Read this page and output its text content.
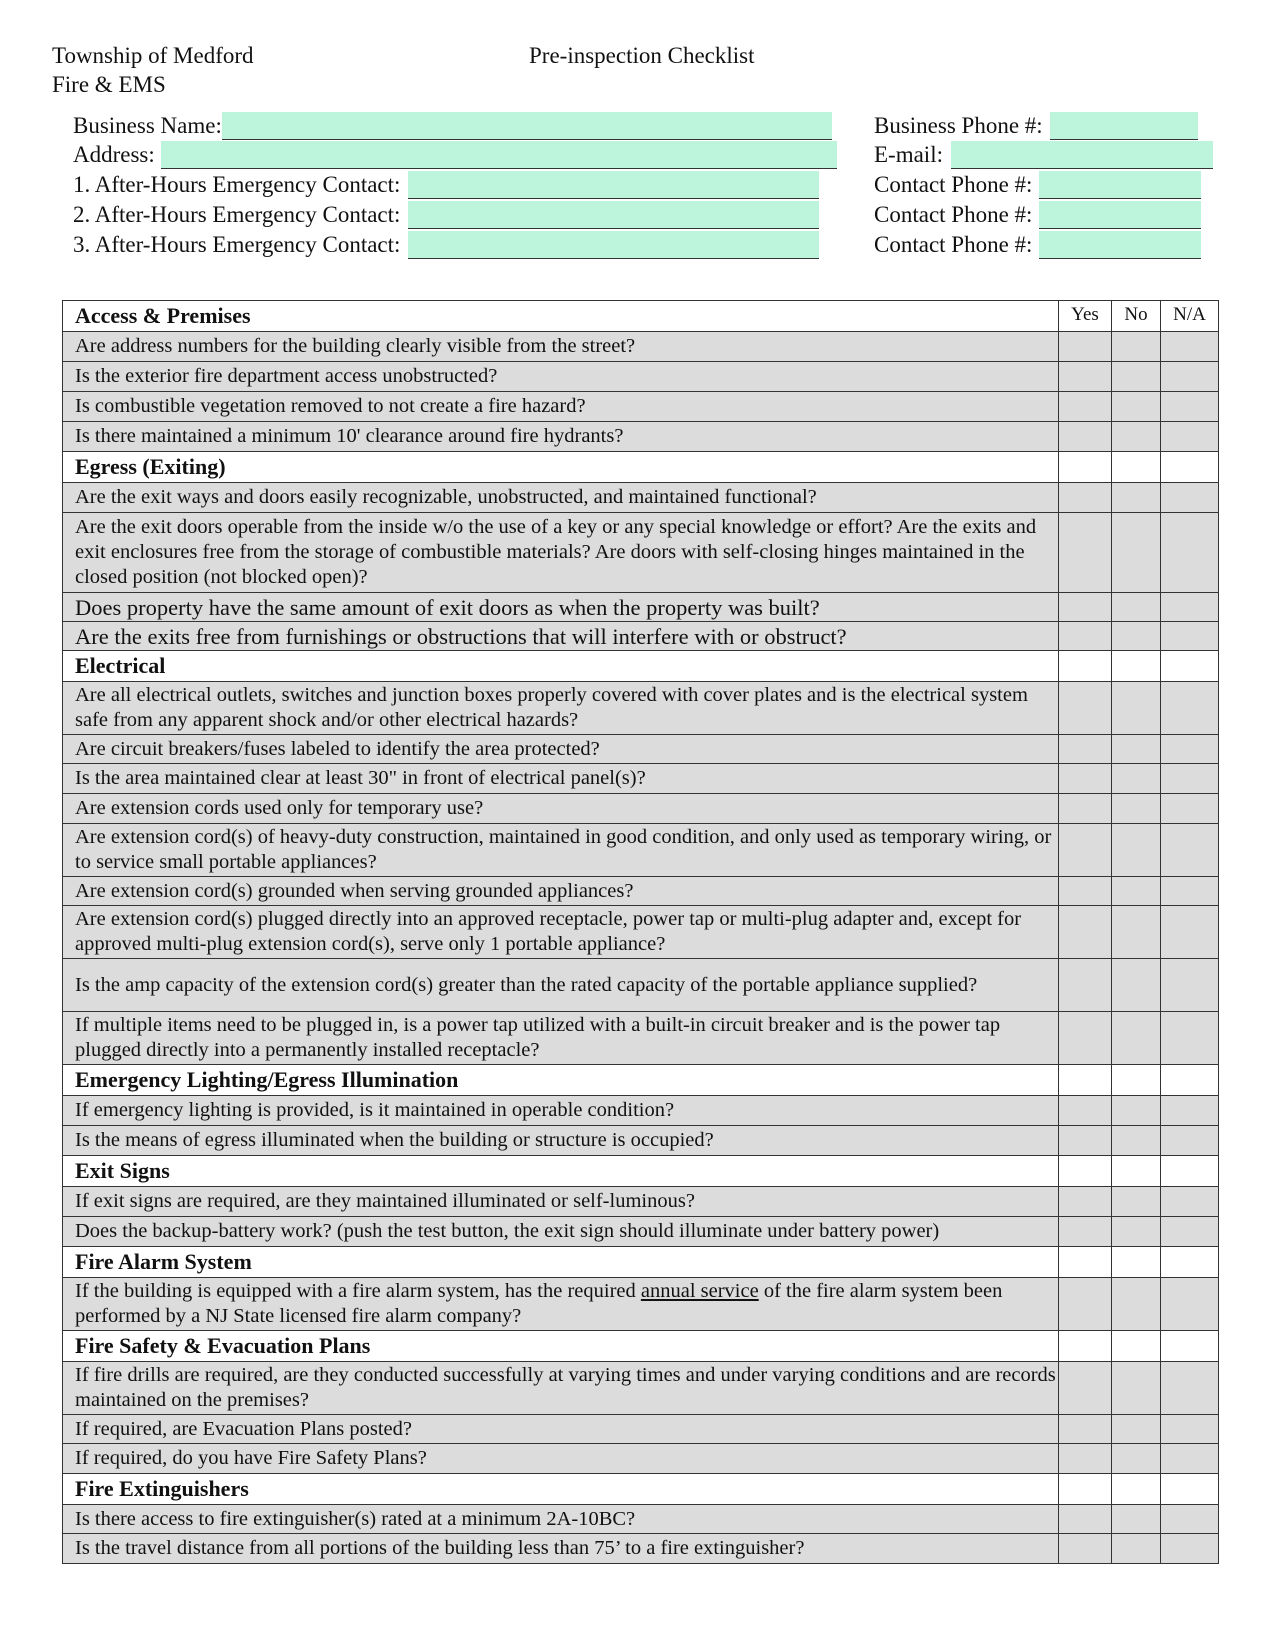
Township of Medford
Fire & EMS
Pre-inspection Checklist
Business Name:
Address:
1. After-Hours Emergency Contact:
2. After-Hours Emergency Contact:
3. After-Hours Emergency Contact:
Business Phone #:
E-mail:
Contact Phone #:
Contact Phone #:
Contact Phone #:
Access & Premises	Yes	No	N/A
Are address numbers for the building clearly visible from the street?			
Is the exterior fire department access unobstructed?			
Is combustible vegetation removed to not create a fire hazard?			
Is there maintained a minimum 10' clearance around fire hydrants?			
Egress (Exiting)			
Are the exit ways and doors easily recognizable, unobstructed, and maintained functional?			
Are the exit doors operable from the inside w/o the use of a key or any special knowledge or effort? Are the exits and exit enclosures free from the storage of combustible materials? Are doors with self-closing hinges maintained in the closed position (not blocked open)?			
Does property have the same amount of exit doors as when the property was built?			
Are the exits free from furnishings or obstructions that will interfere with or obstruct?			
Electrical			
Are all electrical outlets, switches and junction boxes properly covered with cover plates and is the electrical system safe from any apparent shock and/or other electrical hazards?			
Are circuit breakers/fuses labeled to identify the area protected?			
Is the area maintained clear at least 30" in front of electrical panel(s)?			
Are extension cords used only for temporary use?			
Are extension cord(s) of heavy-duty construction, maintained in good condition, and only used as temporary wiring, or to service small portable appliances?			
Are extension cord(s) grounded when serving grounded appliances?			
Are extension cord(s) plugged directly into an approved receptacle, power tap or multi-plug adapter and, except for approved multi-plug extension cord(s), serve only 1 portable appliance?			
Is the amp capacity of the extension cord(s) greater than the rated capacity of the portable appliance supplied?			
If multiple items need to be plugged in, is a power tap utilized with a built-in circuit breaker and is the power tap plugged directly into a permanently installed receptacle?			
Emergency Lighting/Egress Illumination			
If emergency lighting is provided, is it maintained in operable condition?			
Is the means of egress illuminated when the building or structure is occupied?			
Exit Signs			
If exit signs are required, are they maintained illuminated or self-luminous?			
Does the backup-battery work? (push the test button, the exit sign should illuminate under battery power)			
Fire Alarm System			
If the building is equipped with a fire alarm system, has the required annual service of the fire alarm system been performed by a NJ State licensed fire alarm company?			
Fire Safety & Evacuation Plans			
If fire drills are required, are they conducted successfully at varying times and under varying conditions and are records maintained on the premises?			
If required, are Evacuation Plans posted?			
If required, do you have Fire Safety Plans?			
Fire Extinguishers			
Is there access to fire extinguisher(s) rated at a minimum 2A-10BC?			
Is the travel distance from all portions of the building less than 75’ to a fire extinguisher?			
